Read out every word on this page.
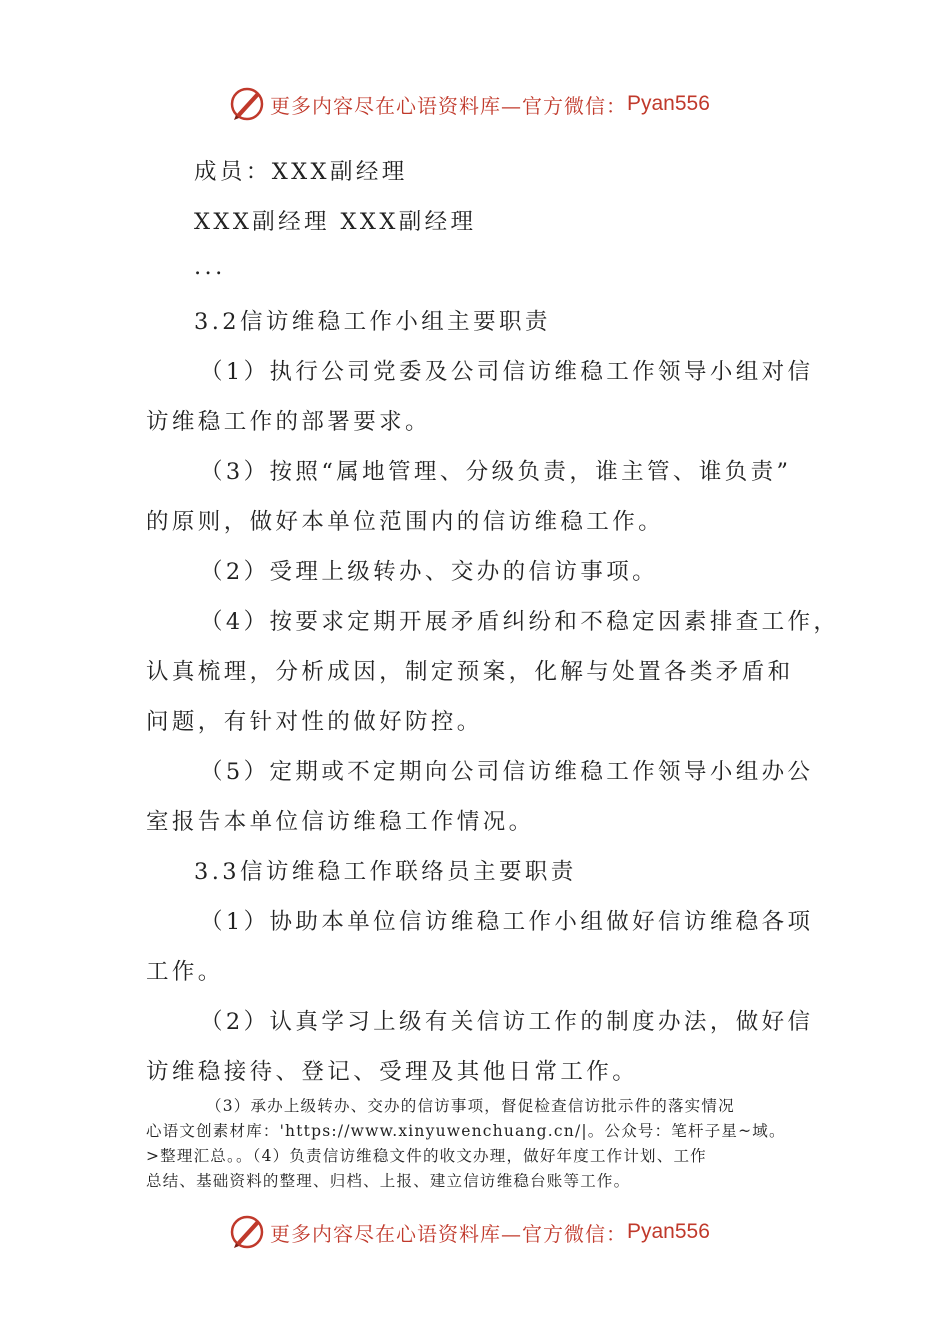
更多内容尽在心语资料库—官方微信： Pyan556

成员：XXX副经理

XXX副经理 XXX副经理

...

3.2信访维稳工作小组主要职责

（1）执行公司党委及公司信访维稳工作领导小组对信

访维稳工作的部署要求。

（3）按照“属地管理、分级负责，谁主管、谁负责”

的原则，做好本单位范围内的信访维稳工作。

（2）受理上级转办、交办的信访事项。

（4）按要求定期开展矛盾纠纷和不稳定因素排查工作，

认真梳理，分析成因，制定预案，化解与处置各类矛盾和

问题，有针对性的做好防控。

（5）定期或不定期向公司信访维稳工作领导小组办公

室报告本单位信访维稳工作情况。

3.3信访维稳工作联络员主要职责

（1）协助本单位信访维稳工作小组做好信访维稳各项

工作。

（2）认真学习上级有关信访工作的制度办法，做好信

访维稳接待、登记、受理及其他日常工作。

（3）承办上级转办、交办的信访事项，督促检查信访批示件的落实情况

心语文创素材库：'https://www.xinyuwenchuang.cn/|。公众号：笔杆子星~域。

>整理汇总。。（4）负责信访维稳文件的收文办理，做好年度工作计划、工作

总结、基础资料的整理、归档、上报、建立信访维稳台账等工作。

更多内容尽在心语资料库—官方微信： Pyan556
